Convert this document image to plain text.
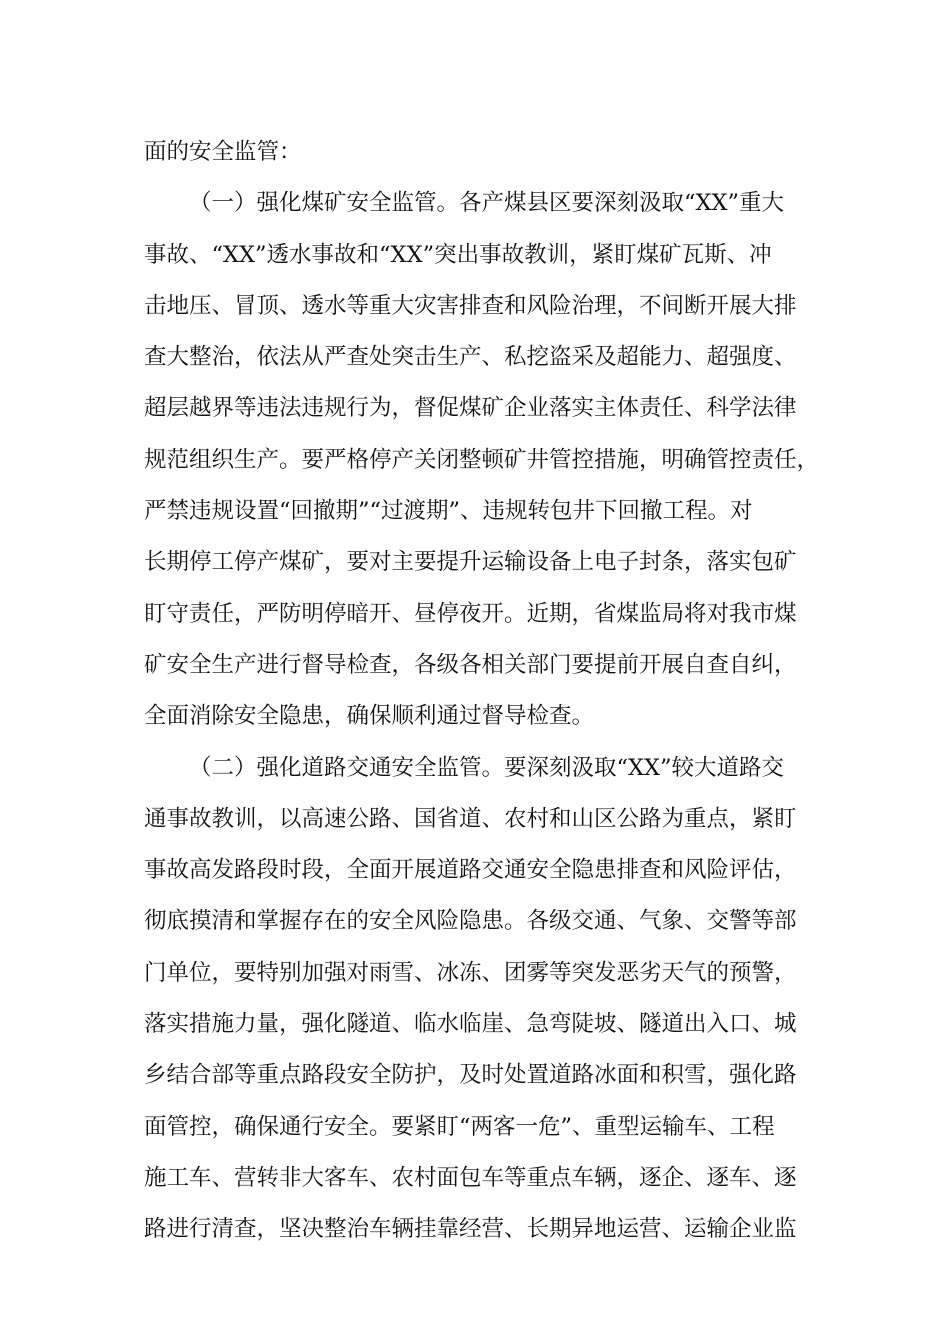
面的安全监管：
（一）强化煤矿安全监管。各产煤县区要深刻汲取“XX”重大
事故、“XX”透水事故和“XX”突出事故教训，紧盯煤矿瓦斯、冲
击地压、冒顶、透水等重大灾害排查和风险治理，不间断开展大排
查大整治，依法从严查处突击生产、私挖盗采及超能力、超强度、
超层越界等违法违规行为，督促煤矿企业落实主体责任、科学法律
规范组织生产。要严格停产关闭整顿矿井管控措施，明确管控责任，
严禁违规设置“回撤期”“过渡期”、违规转包井下回撤工程。对
长期停工停产煤矿，要对主要提升运输设备上电子封条，落实包矿
盯守责任，严防明停暗开、昼停夜开。近期，省煤监局将对我市煤
矿安全生产进行督导检查，各级各相关部门要提前开展自查自纠，
全面消除安全隐患，确保顺利通过督导检查。
（二）强化道路交通安全监管。要深刻汲取“XX”较大道路交
通事故教训，以高速公路、国省道、农村和山区公路为重点，紧盯
事故高发路段时段，全面开展道路交通安全隐患排查和风险评估，
彻底摸清和掌握存在的安全风险隐患。各级交通、气象、交警等部
门单位，要特别加强对雨雪、冰冻、团雾等突发恶劣天气的预警，
落实措施力量，强化隧道、临水临崖、急弯陡坡、隧道出入口、城
乡结合部等重点路段安全防护，及时处置道路冰面和积雪，强化路
面管控，确保通行安全。要紧盯“两客一危”、重型运输车、工程
施工车、营转非大客车、农村面包车等重点车辆，逐企、逐车、逐
路进行清查，坚决整治车辆挂靠经营、长期异地运营、运输企业监
